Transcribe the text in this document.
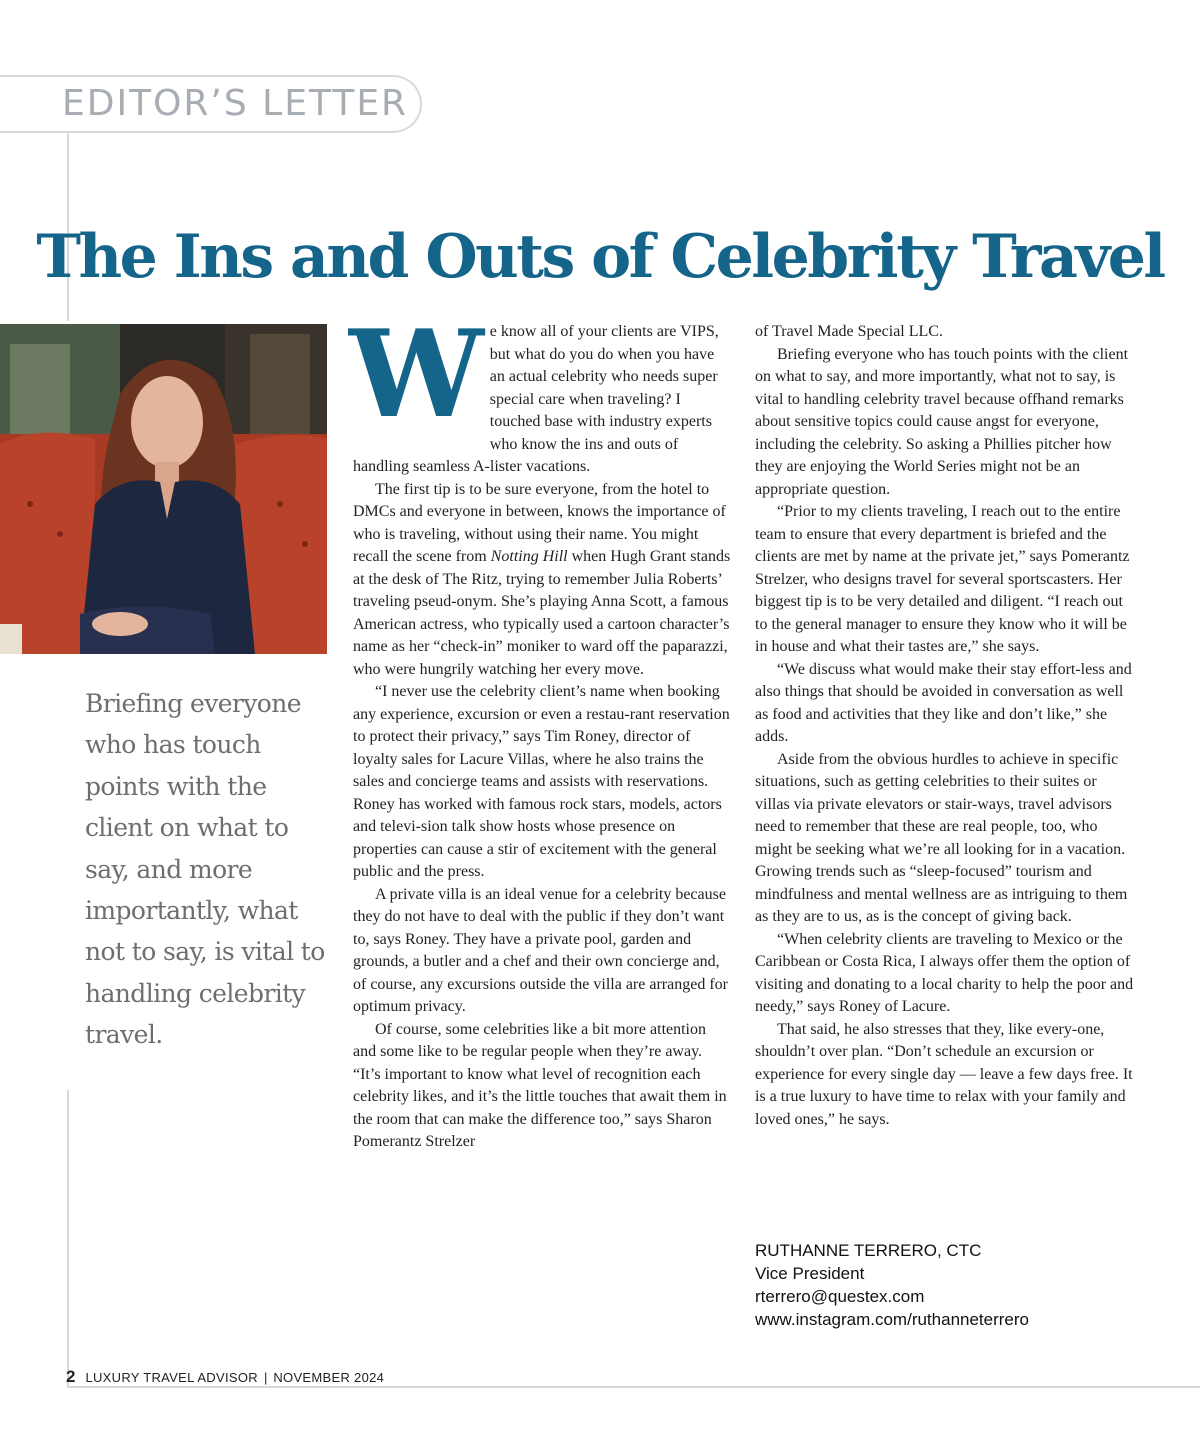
EDITOR’S LETTER
The Ins and Outs of Celebrity Travel
Briefing everyone who has touch points with the client on what to say, and more importantly, what not to say, is vital to handling celebrity travel.
W e know all of your clients are VIPS, but what do you do when you have an actual celebrity who needs super special care when traveling? I touched base with industry experts who know the ins and outs of handling seamless A-lister vacations.

The first tip is to be sure everyone, from the hotel to DMCs and everyone in between, knows the importance of who is traveling, without using their name. You might recall the scene from Notting Hill when Hugh Grant stands at the desk of The Ritz, trying to remember Julia Roberts’ traveling pseud-onym. She’s playing Anna Scott, a famous American actress, who typically used a cartoon character’s name as her “check-in” moniker to ward off the paparazzi, who were hungrily watching her every move.

“I never use the celebrity client’s name when booking any experience, excursion or even a restau-rant reservation to protect their privacy,” says Tim Roney, director of loyalty sales for Lacure Villas, where he also trains the sales and concierge teams and assists with reservations. Roney has worked with famous rock stars, models, actors and televi-sion talk show hosts whose presence on properties can cause a stir of excitement with the general public and the press.

A private villa is an ideal venue for a celebrity because they do not have to deal with the public if they don’t want to, says Roney. They have a private pool, garden and grounds, a butler and a chef and their own concierge and, of course, any excursions outside the villa are arranged for optimum privacy.

Of course, some celebrities like a bit more attention and some like to be regular people when they’re away. “It’s important to know what level of recognition each celebrity likes, and it’s the little touches that await them in the room that can make the difference too,” says Sharon Pomerantz Strelzer

of Travel Made Special LLC.

Briefing everyone who has touch points with the client on what to say, and more importantly, what not to say, is vital to handling celebrity travel because offhand remarks about sensitive topics could cause angst for everyone, including the celebrity. So asking a Phillies pitcher how they are enjoying the World Series might not be an appropriate question.

“Prior to my clients traveling, I reach out to the entire team to ensure that every department is briefed and the clients are met by name at the private jet,” says Pomerantz Strelzer, who designs travel for several sportscasters. Her biggest tip is to be very detailed and diligent. “I reach out to the general manager to ensure they know who it will be in house and what their tastes are,” she says.

“We discuss what would make their stay effort-less and also things that should be avoided in conversation as well as food and activities that they like and don’t like,” she adds.

Aside from the obvious hurdles to achieve in specific situations, such as getting celebrities to their suites or villas via private elevators or stair-ways, travel advisors need to remember that these are real people, too, who might be seeking what we’re all looking for in a vacation. Growing trends such as “sleep-focused” tourism and mindfulness and mental wellness are as intriguing to them as they are to us, as is the concept of giving back.

“When celebrity clients are traveling to Mexico or the Caribbean or Costa Rica, I always offer them the option of visiting and donating to a local charity to help the poor and needy,” says Roney of Lacure.

That said, he also stresses that they, like every-one, shouldn’t over plan. “Don’t schedule an excursion or experience for every single day — leave a few days free. It is a true luxury to have time to relax with your family and loved ones,” he says.

RUTHANNE TERRERO, CTC
Vice President
rterrero@questex.com
www.instagram.com/ruthanneterrero
2 LUXURY TRAVEL ADVISOR | NOVEMBER 2024
